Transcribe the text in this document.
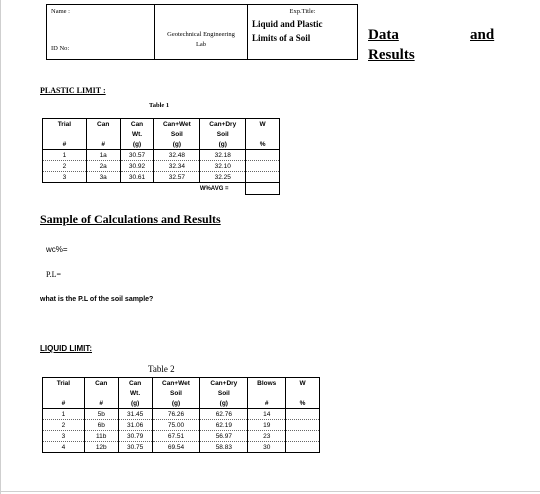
Name :
ID No:
Geotechnical Engineering
Lab
Exp.Title:
Liquid and Plastic
Limits of a Soil	Data	and
Results
PLASTIC LIMIT :
Table 1
Trial	Can	Can	Can+Wet	Can+Dry	W
		Wt.	Soil	Soil	
#	#	(g)	(g)	(g)	%
1	1a	30.57	32.48	32.18	
2	2a	30.92	32.34	32.10	
3	3a	30.61	32.57	32.25	
				W%AVG =	
Sample of Calculations and Results
wc%=
P.L=
what is the P.L of the soil sample?
LIQUID LIMIT:
Table 2
Trial	Can	Can	Can+Wet	Can+Dry	Blows	W
		Wt.	Soil	Soil		
#	#	(g)	(g)	(g)	#	%
1	5b	31.45	76.26	62.76	14	
2	6b	31.06	75.00	62.19	19	
3	11b	30.79	67.51	56.97	23	
4	12b	30.75	69.54	58.83	30	
